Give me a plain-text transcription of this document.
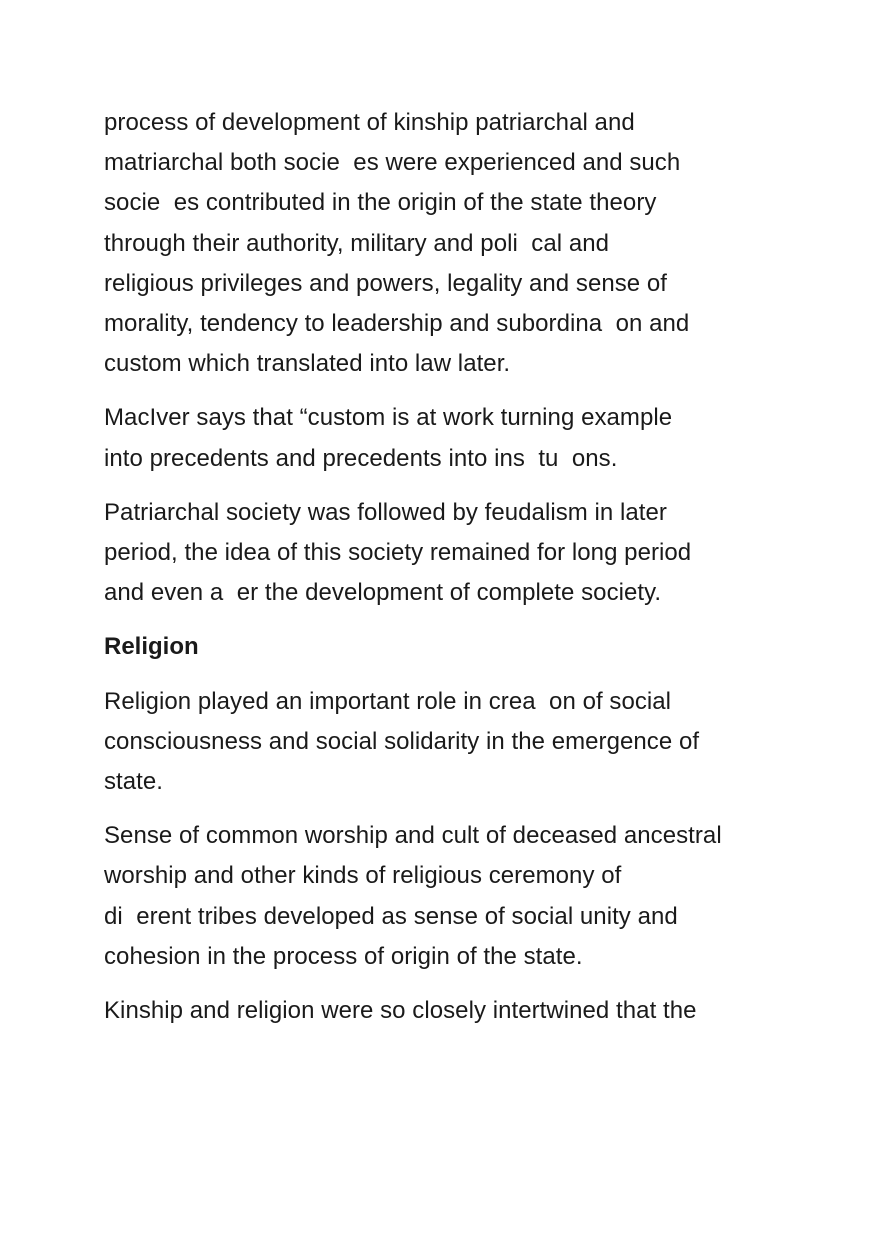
process of development of kinship patriarchal and
matriarchal both socie  es were experienced and such
socie  es contributed in the origin of the state theory
through their authority, military and poli  cal and
religious privileges and powers, legality and sense of
morality, tendency to leadership and subordina  on and
custom which translated into law later.

MacIver says that “custom is at work turning example
into precedents and precedents into ins  tu  ons.

Patriarchal society was followed by feudalism in later
period, the idea of this society remained for long period
and even a  er the development of complete society.

Religion

Religion played an important role in crea  on of social
consciousness and social solidarity in the emergence of
state.

Sense of common worship and cult of deceased ancestral
worship and other kinds of religious ceremony of
di  erent tribes developed as sense of social unity and
cohesion in the process of origin of the state.

Kinship and religion were so closely intertwined that the
